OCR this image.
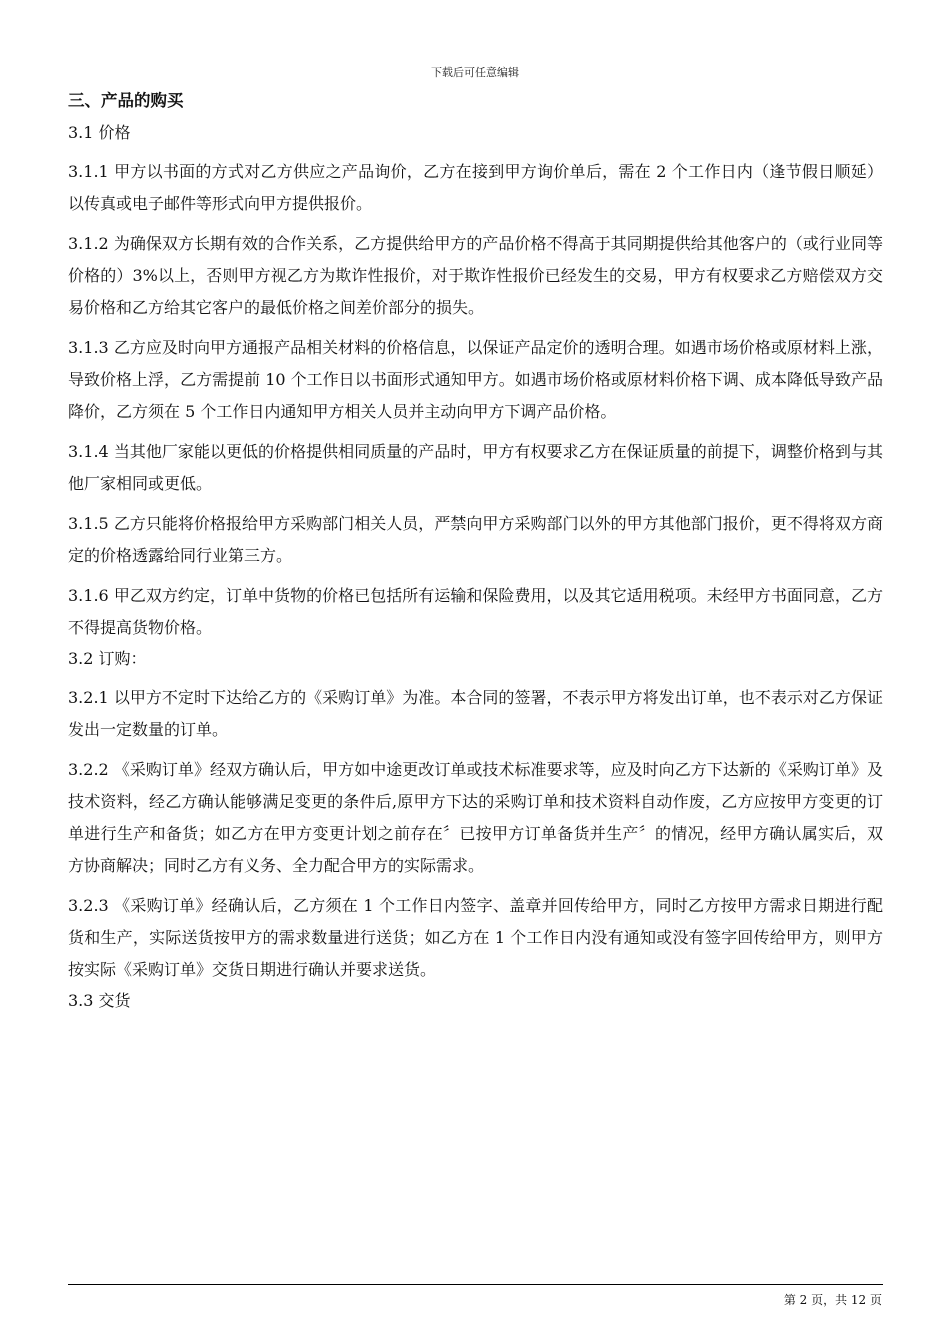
下载后可任意编辑
三、产品的购买
3.1 价格
3.1.1 甲方以书面的方式对乙方供应之产品询价，乙方在接到甲方询价单后，需在 2 个工作日内（逢节假日顺延）以传真或电子邮件等形式向甲方提供报价。
3.1.2 为确保双方长期有效的合作关系，乙方提供给甲方的产品价格不得高于其同期提供给其他客户的（或行业同等价格的）3%以上，否则甲方视乙方为欺诈性报价，对于欺诈性报价已经发生的交易，甲方有权要求乙方赔偿双方交易价格和乙方给其它客户的最低价格之间差价部分的损失。
3.1.3 乙方应及时向甲方通报产品相关材料的价格信息，以保证产品定价的透明合理。如遇市场价格或原材料上涨，导致价格上浮，乙方需提前 10 个工作日以书面形式通知甲方。如遇市场价格或原材料价格下调、成本降低导致产品降价，乙方须在 5 个工作日内通知甲方相关人员并主动向甲方下调产品价格。
3.1.4 当其他厂家能以更低的价格提供相同质量的产品时，甲方有权要求乙方在保证质量的前提下，调整价格到与其他厂家相同或更低。
3.1.5 乙方只能将价格报给甲方采购部门相关人员，严禁向甲方采购部门以外的甲方其他部门报价，更不得将双方商定的价格透露给同行业第三方。
3.1.6 甲乙双方约定，订单中货物的价格已包括所有运输和保险费用，以及其它适用税项。未经甲方书面同意，乙方不得提高货物价格。
3.2 订购：
3.2.1 以甲方不定时下达给乙方的《采购订单》为准。本合同的签署，不表示甲方将发出订单，也不表示对乙方保证发出一定数量的订单。
3.2.2 《采购订单》经双方确认后，甲方如中途更改订单或技术标准要求等，应及时向乙方下达新的《采购订单》及技术资料，经乙方确认能够满足变更的条件后,原甲方下达的采购订单和技术资料自动作废，乙方应按甲方变更的订单进行生产和备货；如乙方在甲方变更计划之前存在〞已按甲方订单备货并生产〞的情况，经甲方确认属实后，双方协商解决；同时乙方有义务、全力配合甲方的实际需求。
3.2.3 《采购订单》经确认后，乙方须在 1 个工作日内签字、盖章并回传给甲方，同时乙方按甲方需求日期进行配货和生产，实际送货按甲方的需求数量进行送货；如乙方在 1 个工作日内没有通知或没有签字回传给甲方，则甲方按实际《采购订单》交货日期进行确认并要求送货。
3.3 交货
第 2 页，共 12 页
